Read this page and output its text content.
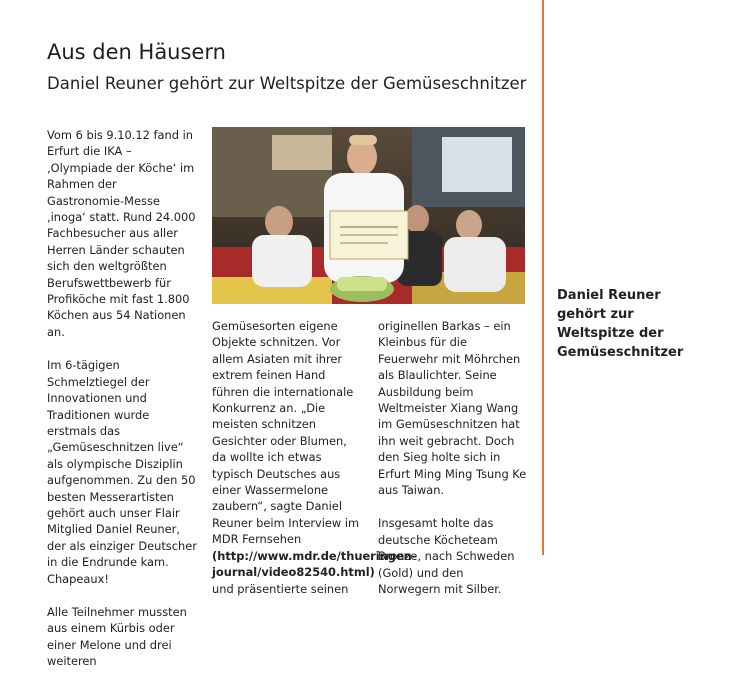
Aus den Häusern
Daniel Reuner gehört zur Weltspitze der Gemüseschnitzer

Vom 6 bis 9.10.12 fand in Erfurt die IKA – ‚Olympiade der Köche‘ im Rahmen der Gastronomie-Messe ‚inoga‘ statt. Rund 24.000 Fachbesucher aus aller Herren Länder schauten sich den weltgrößten Berufswettbewerb für Profiköche mit fast 1.800 Köchen aus 54 Nationen an.

Im 6-tägigen Schmelztiegel der Innovationen und Traditionen wurde erstmals das „Gemüseschnitzen live“ als olympische Disziplin aufgenommen. Zu den 50 besten Messerartisten gehört auch unser Flair Mitglied Daniel Reuner, der als einziger Deutscher in die Endrunde kam. Chapeaux!

Alle Teilnehmer mussten aus einem Kürbis oder einer Melone und drei weiteren

Gemüsesorten eigene Objekte schnitzen. Vor allem Asiaten mit ihrer extrem feinen Hand führen die internationale Konkurrenz an. „Die meisten schnitzen Gesichter oder Blumen, da wollte ich etwas typisch Deutsches aus einer Wassermelone zaubern“, sagte Daniel Reuner beim Interview im MDR Fernsehen (http://www.mdr.de/thueringen-journal/video82540.html) und präsentierte seinen

originellen Barkas – ein Kleinbus für die Feuerwehr mit Möhrchen als Blaulichter. Seine Ausbildung beim Weltmeister Xiang Wang im Gemüseschnitzen hat ihn weit gebracht. Doch den Sieg holte sich in Erfurt Ming Ming Tsung Ke aus Taiwan.

Insgesamt holte das deutsche Köcheteam Bronze, nach Schweden (Gold) und den Norwegern mit Silber.

Daniel Reuner gehört zur Weltspitze der Gemüseschnitzer
